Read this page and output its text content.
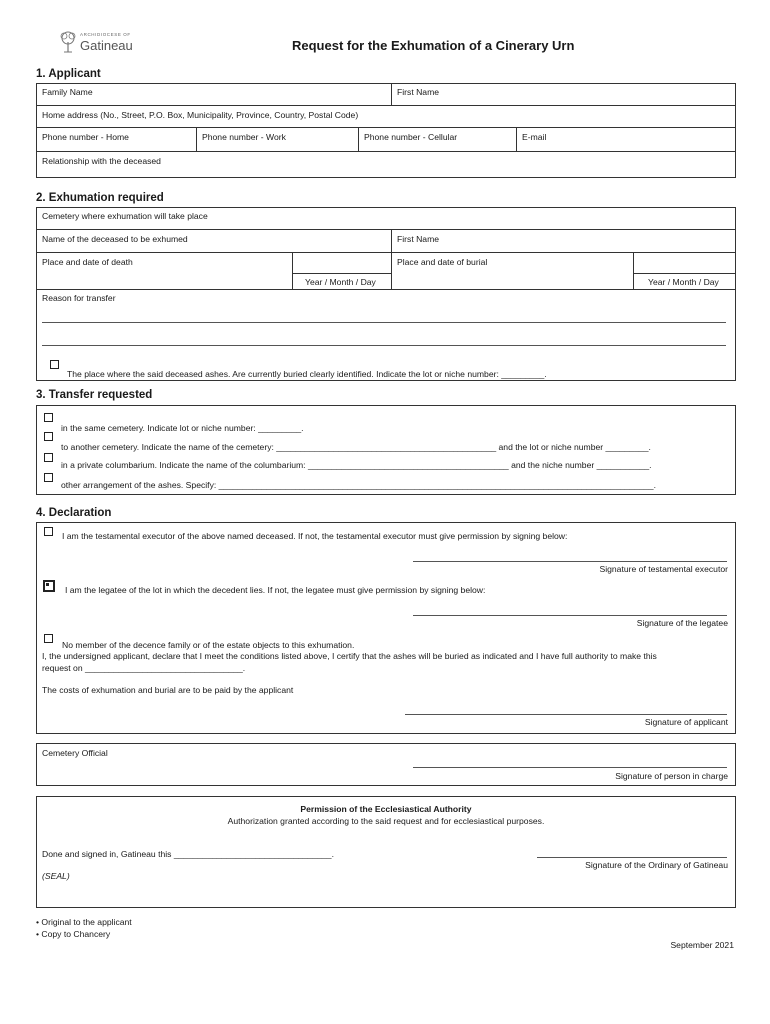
ARCHIDIOCESE OF
Gatineau	Request for the Exhumation of a Cinerary Urn
1. Applicant
Family Name	First Name
Home address (No., Street, P.O. Box, Municipality, Province, Country, Postal Code)
Phone number - Home	Phone number - Work	Phone number - Cellular	E-mail
Relationship with the deceased
2. Exhumation required
Cemetery where exhumation will take place
Name of the deceased to be exhumed	First Name
Place and date of death	Place and date of burial
Year / Month / Day	Year / Month / Day
Reason for transfer
The place where the said deceased ashes. Are currently buried clearly identified. Indicate the lot or niche number: _________.
3. Transfer requested
in the same cemetery. Indicate lot or niche number: _________.
to another cemetery. Indicate the name of the cemetery: ______________________________________________ and the lot or niche number _________.
in a private columbarium. Indicate the name of the columbarium: __________________________________________ and the niche number ___________.
other arrangement of the ashes. Specify: ___________________________________________________________________________________________.
4. Declaration
I am the testamental executor of the above named deceased. If not, the testamental executor must give permission by signing below:
Signature of testamental executor
I am the legatee of the lot in which the decedent lies. If not, the legatee must give permission by signing below:
Signature of the legatee
No member of the decence family or of the estate objects to this exhumation.
I, the undersigned applicant, declare that I meet the conditions listed above, I certify that the ashes will be buried as indicated and I have full authority to make this
request on _________________________________.
The costs of exhumation and burial are to be paid by the applicant
Signature of applicant
Cemetery Official
Signature of person in charge
Permission of the Ecclesiastical Authority
Authorization granted according to the said request and for ecclesiastical purposes.
Done and signed in, Gatineau this _________________________________.
(SEAL)
Signature of the Ordinary of Gatineau
• Original to the applicant
• Copy to Chancery
September 2021
